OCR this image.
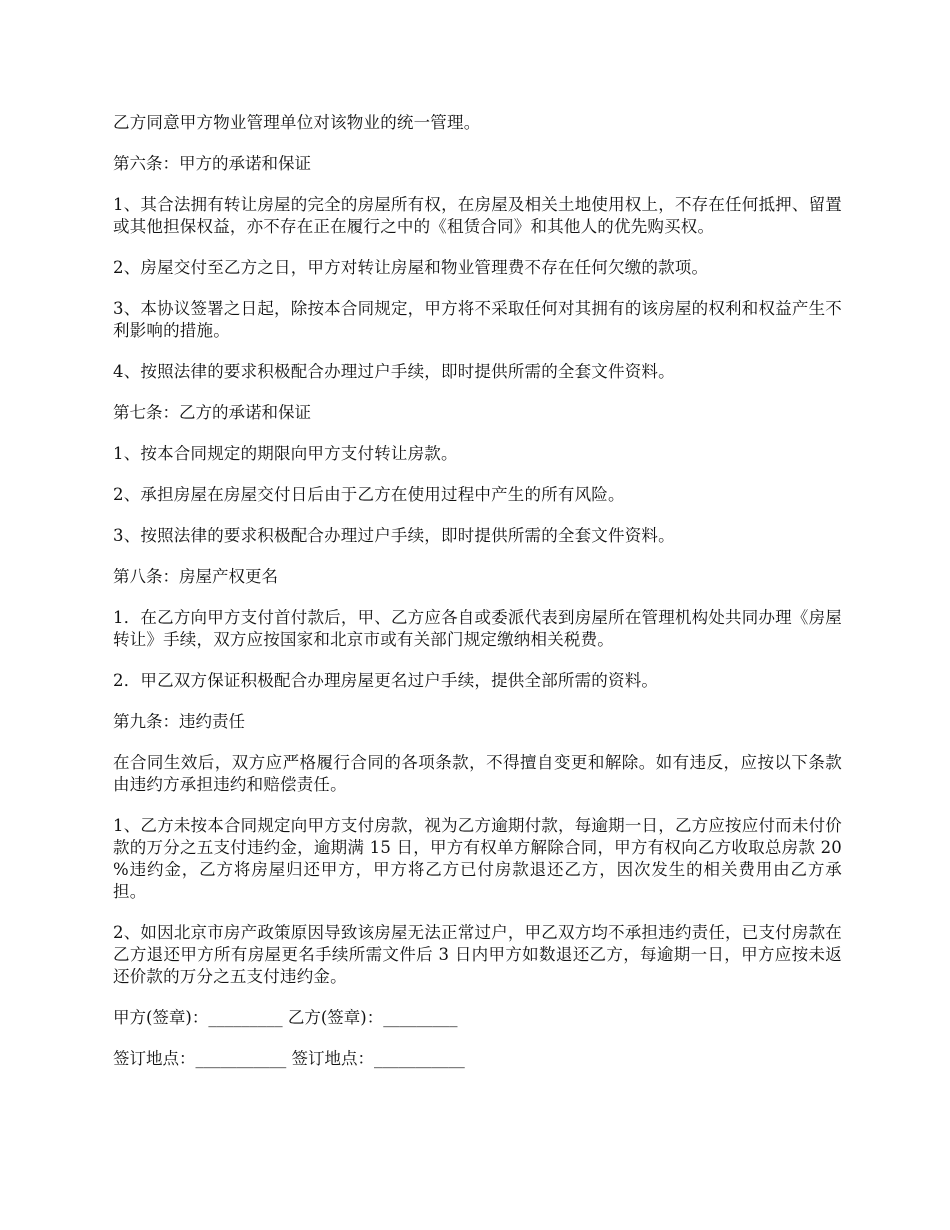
乙方同意甲方物业管理单位对该物业的统一管理。

第六条：甲方的承诺和保证

1、其合法拥有转让房屋的完全的房屋所有权，在房屋及相关土地使用权上，不存在任何抵押、留置或其他担保权益，亦不存在正在履行之中的《租赁合同》和其他人的优先购买权。

2、房屋交付至乙方之日，甲方对转让房屋和物业管理费不存在任何欠缴的款项。

3、本协议签署之日起，除按本合同规定，甲方将不采取任何对其拥有的该房屋的权利和权益产生不利影响的措施。

4、按照法律的要求积极配合办理过户手续，即时提供所需的全套文件资料。

第七条：乙方的承诺和保证

1、按本合同规定的期限向甲方支付转让房款。

2、承担房屋在房屋交付日后由于乙方在使用过程中产生的所有风险。

3、按照法律的要求积极配合办理过户手续，即时提供所需的全套文件资料。

第八条：房屋产权更名

1．在乙方向甲方支付首付款后，甲、乙方应各自或委派代表到房屋所在管理机构处共同办理《房屋转让》手续，双方应按国家和北京市或有关部门规定缴纳相关税费。

2．甲乙双方保证积极配合办理房屋更名过户手续，提供全部所需的资料。

第九条：违约责任

在合同生效后，双方应严格履行合同的各项条款，不得擅自变更和解除。如有违反，应按以下条款由违约方承担违约和赔偿责任。

1、乙方未按本合同规定向甲方支付房款，视为乙方逾期付款，每逾期一日，乙方应按应付而未付价款的万分之五支付违约金，逾期满 15 日，甲方有权单方解除合同，甲方有权向乙方收取总房款 20 %违约金，乙方将房屋归还甲方，甲方将乙方已付房款退还乙方，因次发生的相关费用由乙方承担。

2、如因北京市房产政策原因导致该房屋无法正常过户，甲乙双方均不承担违约责任，已支付房款在乙方退还甲方所有房屋更名手续所需文件后 3 日内甲方如数退还乙方，每逾期一日，甲方应按未返还价款的万分之五支付违约金。

甲方(签章)：_________ 乙方(签章)：_________

签订地点：___________ 签订地点：___________
